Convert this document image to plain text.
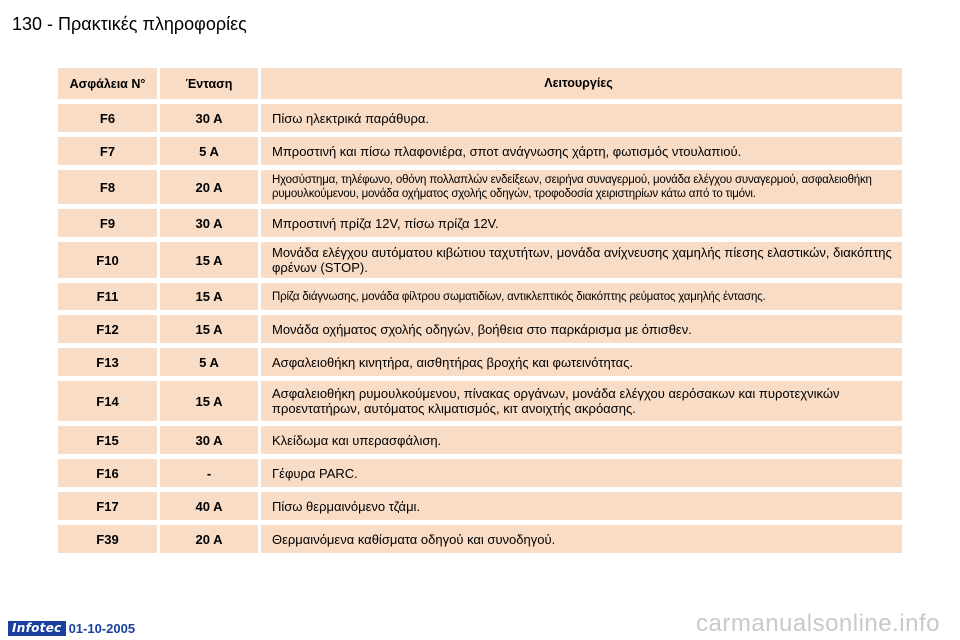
130 - Πρακτικές πληροφορίες
Ασφάλεια N°	Ένταση	Λειτουργίες
F6	30 A	Πίσω ηλεκτρικά παράθυρα.
F7	5 A	Μπροστινή και πίσω πλαφονιέρα, σποτ ανάγνωσης χάρτη, φωτισμός ντουλαπιού.
F8	20 A	Ηχοσύστημα, τηλέφωνο, οθόνη πολλαπλών ενδείξεων, σειρήνα συναγερμού, μονάδα ελέγχου συναγερμού, ασφαλειοθήκη ρυμουλκούμενου, μονάδα οχήματος σχολής οδηγών, τροφοδοσία χειριστηρίων κάτω από το τιμόνι.
F9	30 A	Μπροστινή πρίζα 12V, πίσω πρίζα 12V.
F10	15 A	Μονάδα ελέγχου αυτόματου κιβώτιου ταχυτήτων, μονάδα ανίχνευσης χαμηλής πίεσης ελαστικών, διακόπτης φρένων (STOP).
F11	15 A	Πρίζα διάγνωσης, μονάδα φίλτρου σωματιδίων, αντικλεπτικός διακόπτης ρεύματος χαμηλής έντασης.
F12	15 A	Μονάδα οχήματος σχολής οδηγών, βοήθεια στο παρκάρισμα με όπισθεν.
F13	5 A	Ασφαλειοθήκη κινητήρα, αισθητήρας βροχής και φωτεινότητας.
F14	15 A	Ασφαλειοθήκη ρυμουλκούμενου, πίνακας οργάνων, μονάδα ελέγχου αερόσακων και πυροτεχνικών προεντατήρων, αυτόματος κλιματισμός, κιτ ανοιχτής ακρόασης.
F15	30 A	Κλείδωμα και υπερασφάλιση.
F16	-	Γέφυρα PARC.
F17	40 A	Πίσω θερμαινόμενο τζάμι.
F39	20 A	Θερμαινόμενα καθίσματα οδηγού και συνοδηγού.
Infotec 01-10-2005	carmanualsonline.info
